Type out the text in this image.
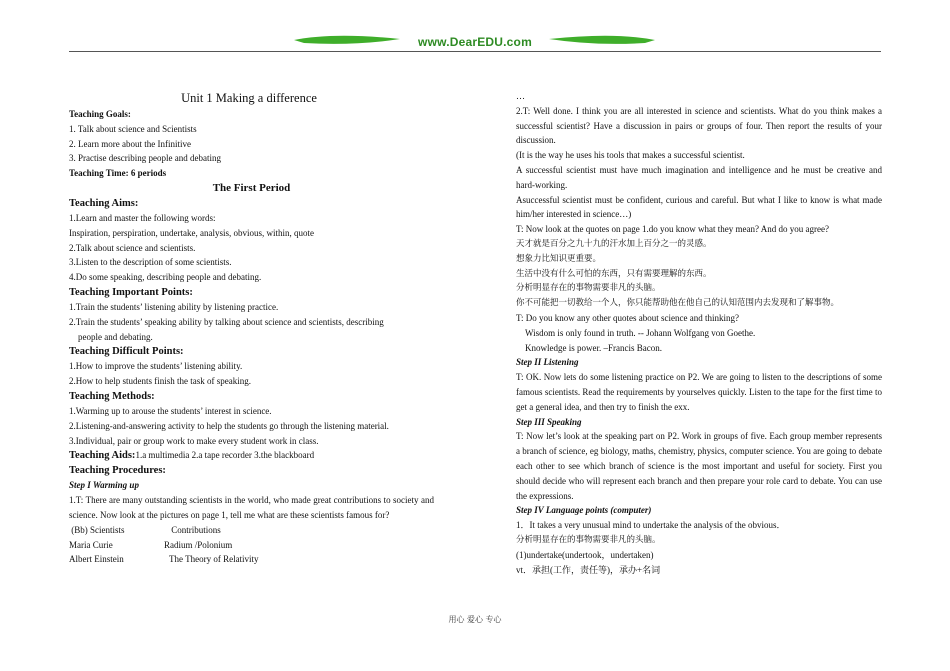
www.DearEDU.com

Unit 1 Making a difference

Teaching Goals:

1. Talk about science and Scientists

2. Learn more about the Infinitive

3. Practise describing people and debating

Teaching Time: 6 periods

The First Period

Teaching Aims:

1.Learn and master the following words:

Inspiration, perspiration, undertake, analysis, obvious, within, quote

2.Talk about science and scientists.

3.Listen to the description of some scientists.

4.Do some speaking, describing people and debating.

Teaching Important Points:

1.Train the students’ listening ability by listening practice.

2.Train the students’ speaking ability by talking about science and scientists, describing

people and debating.

Teaching Difficult Points:

1.How to improve the students’ listening ability.

2.How to help students finish the task of speaking.

Teaching Methods:

1.Warming up to arouse the students’ interest in science.

2.Listening-and-answering activity to help the students go through the listening material.

3.Individual, pair or group work to make every student work in class.

Teaching Aids:1.a multimedia 2.a tape recorder 3.the blackboard

Teaching Procedures:

Step I Warming up

1.T: There are many outstanding scientists in the world, who made great contributions to society and science. Now look at the pictures on page 1, tell me what are these scientists famous for?

(Bb) Scientists	Contributions

Maria Curie	Radium /Polonium

Albert Einstein	The Theory of Relativity

…

2.T: Well done. I think you are all interested in science and scientists. What do you think makes a successful scientist? Have a discussion in pairs or groups of four. Then report the results of your discussion.

(It is the way he uses his tools that makes a successful scientist.

A successful scientist must have much imagination and intelligence and he must be creative and hard-working.

Asuccessful scientist must be confident, curious and careful. But what I like to know is what made him/her interested in science…)

T: Now look at the quotes on page 1.do you know what they mean? And do you agree?

天才就是百分之九十九的汗水加上百分之一的灵感。

想象力比知识更重要。

生活中没有什么可怕的东西，只有需要理解的东西。

分析明显存在的事物需要非凡的头脑。

你不可能把一切教给一个人，你只能帮助他在他自己的认知范围内去发现和了解事物。

T: Do you know any other quotes about science and thinking?

Wisdom is only found in truth. -- Johann Wolfgang von Goethe.

Knowledge is power. –Francis Bacon.

Step II Listening

T: OK. Now lets do some listening practice on P2. We are going to listen to the descriptions of some famous scientists. Read the requirements by yourselves quickly. Listen to the tape for the first time to get a general idea, and then try to finish the exx.

Step III Speaking

T: Now let’s look at the speaking part on P2. Work in groups of five. Each group member represents a branch of science, eg biology, maths, chemistry, physics, computer science. You are going to debate each other to see which branch of science is the most important and useful for society. First you should decide who will represent each branch and then prepare your role card to debate. You can use the expressions.

Step IV Language points (computer)

1．It takes a very unusual mind to undertake the analysis of the obvious．

分析明显存在的事物需要非凡的头脑。

(1)undertake(undertook，undertaken)

vt．承担(工作，责任等)，承办+名词

用心 爱心 专心
